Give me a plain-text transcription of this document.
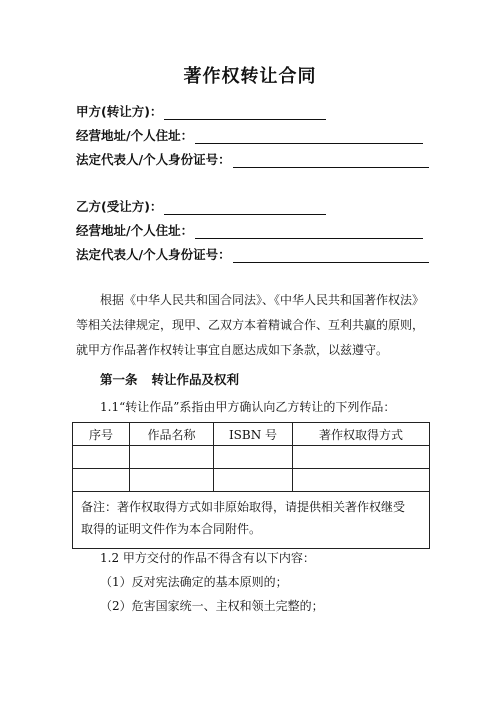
著作权转让合同
甲方(转让方)：
经营地址/个人住址：
法定代表人/个人身份证号：
乙方(受让方)：
经营地址/个人住址：
法定代表人/个人身份证号：
根据《中华人民共和国合同法》、《中华人民共和国著作权法》
等相关法律规定，现甲、乙双方本着精诚合作、互利共赢的原则，
就甲方作品著作权转让事宜自愿达成如下条款，以兹遵守。
第一条 转让作品及权利
1.1“转让作品”系指由甲方确认向乙方转让的下列作品：
序号	作品名称	ISBN 号	著作权取得方式

备注：著作权取得方式如非原始取得，请提供相关著作权继受
取得的证明文件作为本合同附件。			
1.2 甲方交付的作品不得含有以下内容：
（1）反对宪法确定的基本原则的；
（2）危害国家统一、主权和领土完整的；
